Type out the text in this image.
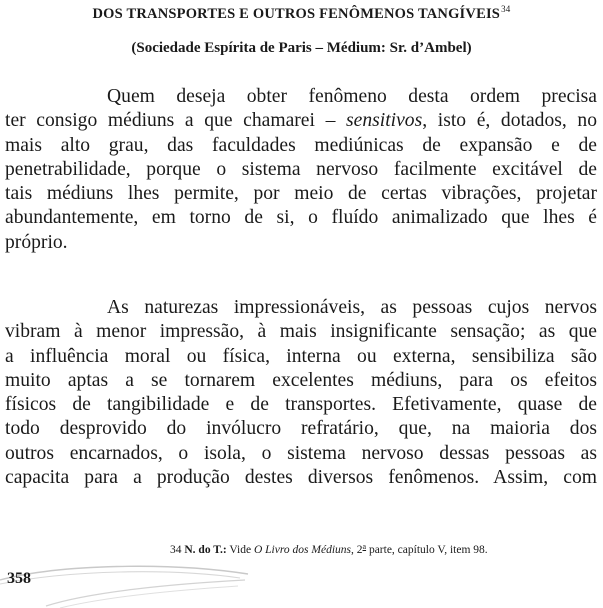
DOS TRANSPORTES E OUTROS FENÔMENOS TANGÍVEIS$^{34}$
(Sociedade Espírita de Paris – Médium: Sr. d’Ambel)
Quem deseja obter fenômeno desta ordem precisa
ter consigo médiuns a que chamarei – sensitivos, isto é, dotados, no
mais alto grau, das faculdades mediúnicas de expansão e de
penetrabilidade, porque o sistema nervoso facilmente excitável de
tais médiuns lhes permite, por meio de certas vibrações, projetar
abundantemente, em torno de si, o fluído animalizado que lhes é
próprio.
As naturezas impressionáveis, as pessoas cujos nervos
vibram à menor impressão, à mais insignificante sensação; as que
a influência moral ou física, interna ou externa, sensibiliza são
muito aptas a se tornarem excelentes médiuns, para os efeitos
físicos de tangibilidade e de transportes. Efetivamente, quase de
todo desprovido do invólucro refratário, que, na maioria dos
outros encarnados, o isola, o sistema nervoso dessas pessoas as
capacita para a produção destes diversos fenômenos. Assim, com
34 N. do T.: Vide O Livro dos Médiuns, 2$^a$ parte, capítulo V, item 98.
358
